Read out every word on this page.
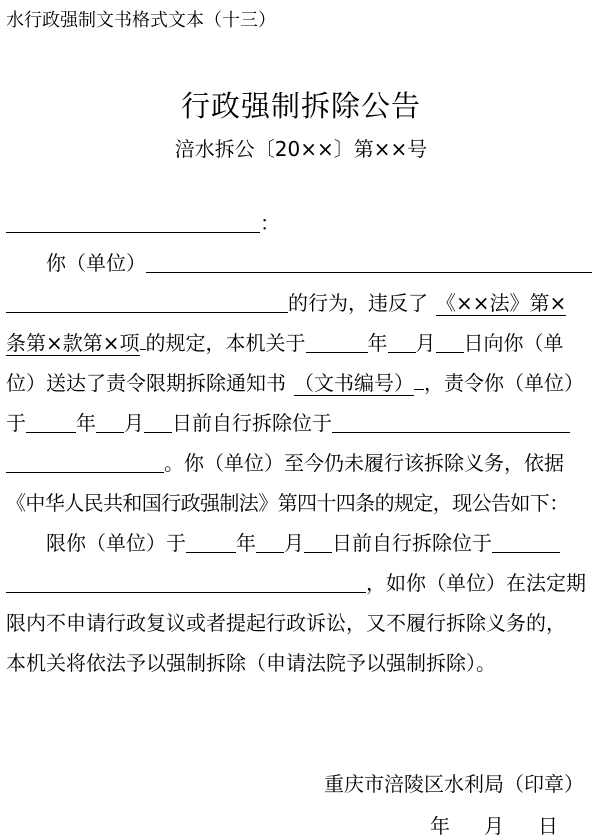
水行政强制文书格式文本（十三）
行政强制拆除公告
涪水拆公〔20××〕第××号
：
你（单位）
的行为，违反了 《××法》第×
条第×款第×项 的规定，本机关于	年 月 日向你（单
位）送达了责令限期拆除通知书 （文书编号） ，责令你（单位）
于	年 月 日前自行拆除位于
。你（单位）至今仍未履行该拆除义务，依据
《中华人民共和国行政强制法》第四十四条的规定，现公告如下：
限你（单位）于	年 月 日前自行拆除位于
，如你（单位）在法定期
限内不申请行政复议或者提起行政诉讼，又不履行拆除义务的，
本机关将依法予以强制拆除（申请法院予以强制拆除）。
重庆市涪陵区水利局（印章）
年 月 日
